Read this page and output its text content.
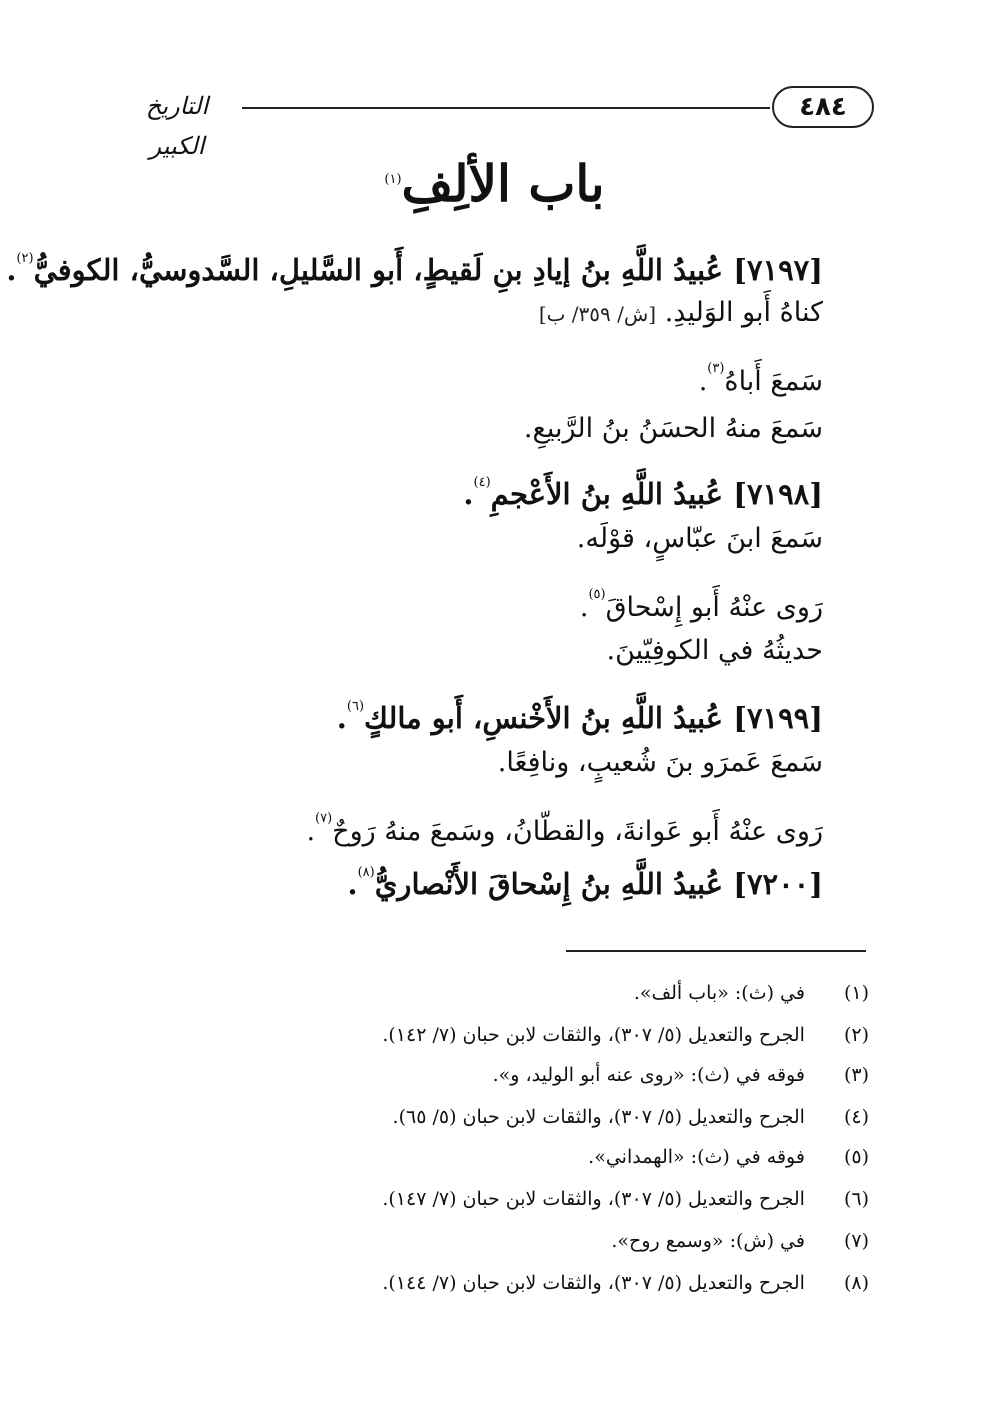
٤٨٤
التاريخ الكبير
باب الألِفِ$^{(١)}$
[٧١٩٧] عُبيدُ اللَّهِ بنُ إيادِ بنِ لَقيطٍ، أَبو السَّليلِ، السَّدوسيُّ، الكوفيُّ$^{(٢)}$.
كناهُ أَبو الوَليدِ. [ش/ ٣٥٩/ ب]
سَمعَ أَباهُ$^{(٣)}$.
سَمعَ منهُ الحسَنُ بنُ الرَّبيعِ.
[٧١٩٨] عُبيدُ اللَّهِ بنُ الأَعْجمِ$^{(٤)}$.
سَمعَ ابنَ عبّاسٍ، قوْلَه.
رَوى عنْهُ أَبو إِسْحاقَ$^{(٥)}$.
حديثُهُ في الكوفِيّينَ.
[٧١٩٩] عُبيدُ اللَّهِ بنُ الأَخْنسِ، أَبو مالكٍ$^{(٦)}$.
سَمعَ عَمرَو بنَ شُعيبٍ، ونافِعًا.
رَوى عنْهُ أَبو عَوانةَ، والقطّانُ، وسَمعَ منهُ رَوحٌ$^{(٧)}$.
[٧٢٠٠] عُبيدُ اللَّهِ بنُ إِسْحاقَ الأَنْصاريُّ$^{(٨)}$.
(١) في (ث): «باب ألف».
(٢) الجرح والتعديل (٥/ ٣٠٧)، والثقات لابن حبان (٧/ ١٤٢).
(٣) فوقه في (ث): «روى عنه أبو الوليد، و».
(٤) الجرح والتعديل (٥/ ٣٠٧)، والثقات لابن حبان (٥/ ٦٥).
(٥) فوقه في (ث): «الهمداني».
(٦) الجرح والتعديل (٥/ ٣٠٧)، والثقات لابن حبان (٧/ ١٤٧).
(٧) في (ش): «وسمع روح».
(٨) الجرح والتعديل (٥/ ٣٠٧)، والثقات لابن حبان (٧/ ١٤٤).
